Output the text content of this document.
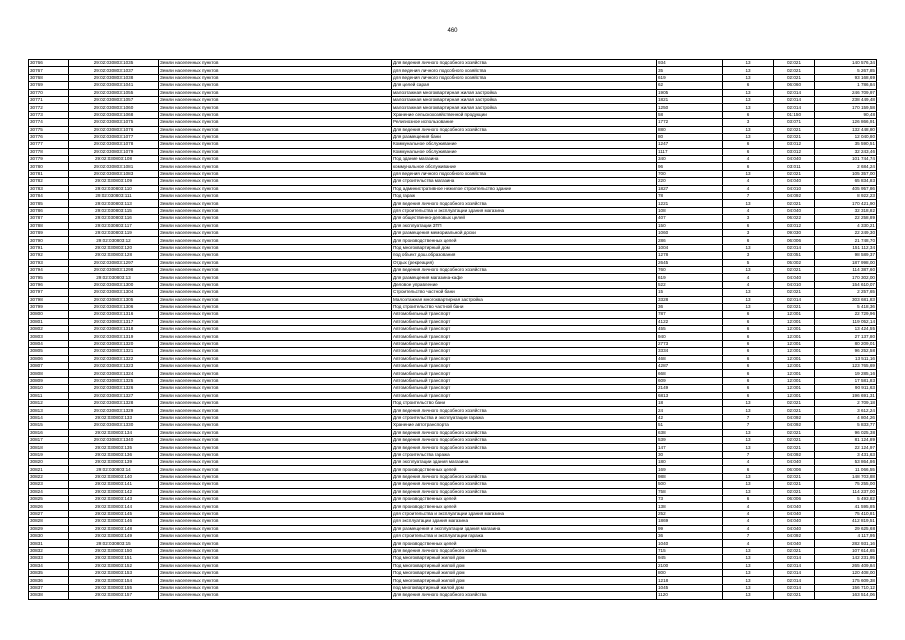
460
30766	29:02:030803:1035	Земли населенных пунктов	Для ведения личного подсобного хозяйства	934	13	02:021	140 576,34
30767	29:02:030803:1037	Земли населенных пунктов	для ведения личного подсобного хозяйства	35	13	02:021	5 267,85
30768	29:02:030803:1038	Земли населенных пунктов	для ведения личного подсобного хозяйства	619	13	02:021	93 168,69
30769	29:02:030803:1041	Земли населенных пунктов	Для целей сарая	62	6	06:060	1 786,84
30770	29:02:030803:1055	Земли населенных пунктов	малоэтажная многоквартирная жилая застройка	1905	13	02:014	246 709,97
30771	29:02:030803:1057	Земли населенных пунктов	малоэтажная многоквартирная жилая застройка	1821	13	02:014	238 449,48
30772	29:02:030803:1060	Земли населенных пунктов	малоэтажная многоквартирная жилая застройка	1250	13	02:014	170 159,58
30773	29:02:030803:1068	Земли населенных пунктов	Хранение сельскохозяйственной продукции	58	6	01:150	90,48
30774	29:02:030803:1075	Земли населенных пунктов	Религиозное использование	1772	3	03:071	126 866,91
30775	29:02:030803:1076	Земли населенных пунктов	Для ведения личного подсобного хозяйства	880	13	02:021	132 448,80
30776	29:02:030803:1077	Земли населенных пунктов	Для размещения бани	80	13	02:021	12 040,80
30777	29:02:030803:1078	Земли населенных пунктов	Коммунальное обслуживание	1247	6	03:012	35 590,51
30778	29:02:030803:1079	Земли населенных пунктов	Коммунальное обслуживание	1117	6	03:012	32 243,46
30779	29:02:030803:108	Земли населенных пунктов	Под здание магазина	340	4	04:040	101 744,74
30780	29:02:030803:1081	Земли населенных пунктов	коммунальное обслуживание	96	6	03:011	2 684,24
30781	29:02:030803:1083	Земли населенных пунктов	для ведения личного подсобного хозяйства	700	13	02:021	105 357,00
30782	29:02:030803:109	Земли населенных пунктов	Для строительства магазина	220	4	04:040	65 834,83
30783	29:02:030803:110	Земли населенных пунктов	Под административное нежилое строительство здание	1827	4	04:010	405 957,86
30784	29:02:030803:111	Земли населенных пунктов	Под гараж	78	7	04:092	8 922,23
30785	29:02:030803:113	Земли населенных пунктов	Для ведения личного подсобного хозяйства	1221	13	02:021	170 421,90
30786	29:02:030803:115	Земли населенных пунктов	для строительства и эксплуатации здания магазина	108	4	04:040	32 318,82
30787	29:02:030803:116	Земли населенных пунктов	Для общественно-деловых целей	407	3	06:022	22 258,89
30788	29:02:030803:117	Земли населенных пунктов	Для эксплуатации ЗТП	150	6	03:012	4 330,21
30789	29:02:030803:119	Земли населенных пунктов	Для размещения мемориальной доски	1060	3	09:030	22 249,30
30790	29:02:030803:12	Земли населенных пунктов	Для производственных целей	286	6	06:006	21 748,70
30791	29:02:030803:120	Земли населенных пунктов	Под многоквартирный дом	1004	13	02:014	151 112,34
30792	29:02:030803:128	Земли населенных пунктов	под объект дош.образования	1278	3	03:051	98 589,37
30793	29:02:030803:1297	Земли населенных пунктов	Отдых (рекреация)	2645	5	05:002	187 998,00
30794	29:02:030803:1298	Земли населенных пунктов	Для ведения личного подсобного хозяйства	760	13	02:021	114 387,60
30795	29:02:030803:13	Земли населенных пунктов	Для размещения магазина-кафе	619	4	04:040	170 302,00
30796	29:02:030803:1300	Земли населенных пунктов	Деловое управление	522	4	04:010	154 610,07
30797	29:02:030803:1304	Земли населенных пунктов	Строительство частной бани	15	13	02:021	2 257,65
30798	29:02:030803:1305	Земли населенных пунктов	Малоэтажная многоквартирная застройка	3328	13	02:014	303 681,83
30799	29:02:030803:1306	Земли населенных пунктов	Под строительство частной бани	36	13	02:021	5 418,36
30800	29:02:030803:1316	Земли населенных пунктов	Автомобильный транспорт	787	6	12:001	22 729,96
30801	29:02:030803:1317	Земли населенных пунктов	Автомобильный транспорт	4122	6	12:001	119 052,14
30802	29:02:030803:1318	Земли населенных пунктов	Автомобильный транспорт	455	6	12:001	13 424,55
30803	29:02:030803:1319	Земли населенных пунктов	Автомобильный транспорт	940	6	12:001	27 137,80
30804	29:02:030803:1320	Земли населенных пунктов	Автомобильный транспорт	2773	6	12:001	80 209,01
30805	29:02:030803:1321	Земли населенных пунктов	Автомобильный транспорт	3334	6	12:001	96 252,58
30806	29:02:030803:1322	Земли населенных пунктов	Автомобильный транспорт	468	6	12:001	13 511,16
30807	29:02:030803:1323	Земли населенных пунктов	Автомобильный транспорт	4287	6	12:001	123 765,69
30808	29:02:030803:1324	Земли населенных пунктов	Автомобильный транспорт	668	6	12:001	19 285,16
30809	29:02:030803:1325	Земли населенных пунктов	Автомобильный транспорт	609	6	12:001	17 581,83
30810	29:02:030803:1326	Земли населенных пунктов	Автомобильный транспорт	2149	6	12:001	90 911,63
30811	29:02:030803:1327	Земли населенных пунктов	Автомобильный транспорт	6813	6	12:001	196 691,31
30812	29:02:030803:1328	Земли населенных пунктов	Под строительство бани	18	13	02:021	2 709,18
30813	29:02:030803:1329	Земли населенных пунктов	Для ведения личного подсобного хозяйства	24	13	02:021	3 612,24
30814	29:02:030803:133	Земли населенных пунктов	Для строительства и эксплуатации гаража	42	7	04:092	4 804,26
30815	29:02:030803:1330	Земли населенных пунктов	Хранение автотранспорта	51	7	04:092	5 833,77
30816	29:02:030803:134	Земли населенных пунктов	Для ведения личного подсобного хозяйства	638	13	02:021	96 025,38
30817	29:02:030803:1340	Земли населенных пунктов	Для ведения личного подсобного хозяйства	539	13	02:021	81 124,89
30818	29:02:030803:135	Земли населенных пунктов	Для ведения личного подсобного хозяйства	147	13	02:021	22 124,97
30819	29:02:030803:136	Земли населенных пунктов	Для строительства гаража	30	7	04:092	3 431,63
30820	29:02:030803:139	Земли населенных пунктов	Для эксплуатации здания магазина	180	4	04:040	53 864,86
30821	29:02:030803:14	Земли населенных пунктов	Для производственных целей	169	6	06:006	11 066,55
30822	29:02:030803:140	Земли населенных пунктов	Для ведения личного подсобного хозяйства	988	13	02:021	148 703,88
30823	29:02:030803:141	Земли населенных пунктов	Для ведения личного подсобного хозяйства	500	13	02:021	75 255,00
30824	29:02:030803:142	Земли населенных пунктов	Для ведения личного подсобного хозяйства	758	13	02:021	114 237,00
30825	29:02:030803:143	Земли населенных пунктов	Для производственных целей	73	6	06:006	5 493,82
30826	29:02:030803:144	Земли населенных пунктов	Для производственных целей	138	4	04:040	41 595,85
30827	29:02:030803:145	Земли населенных пунктов	для строительства и эксплуатации здания магазина	252	4	04:040	75 410,81
30828	29:02:030803:146	Земли населенных пунктов	для эксплуатации здания магазина	1869	4	04:040	412 819,51
30829	29:02:030803:148	Земли населенных пунктов	Для размещения и эксплуатации здания магазина	99	4	04:040	29 625,68
30830	29:02:030803:149	Земли населенных пунктов	для строительства и эксплуатации гаража	36	7	04:092	4 117,95
30831	29:02:030803:15	Земли населенных пунктов	Для производственных целей	1040	4	04:040	282 931,16
30832	29:02:030803:150	Земли населенных пунктов	Для ведения личного подсобного хозяйства	715	13	02:021	107 614,65
30833	29:02:030803:151	Земли населенных пунктов	Под многоквартирный жилой дом	945	13	02:014	142 231,95
30834	29:02:030803:152	Земли населенных пунктов	Под многоквартирный жилой дом	2100	13	02:014	265 409,84
30835	29:02:030803:153	Земли населенных пунктов	Под многоквартирный жилой дом	800	13	02:014	120 408,00
30836	29:02:030803:154	Земли населенных пунктов	Под многоквартирный жилой дом	1218	13	02:014	175 609,38
30837	29:02:030803:155	Земли населенных пунктов	под многоквартирный жилой дом	1045	13	02:014	156 710,12
30838	29:02:030803:157	Земли населенных пунктов	Для ведения личного подсобного хозяйства	1120	13	02:021	163 514,06
